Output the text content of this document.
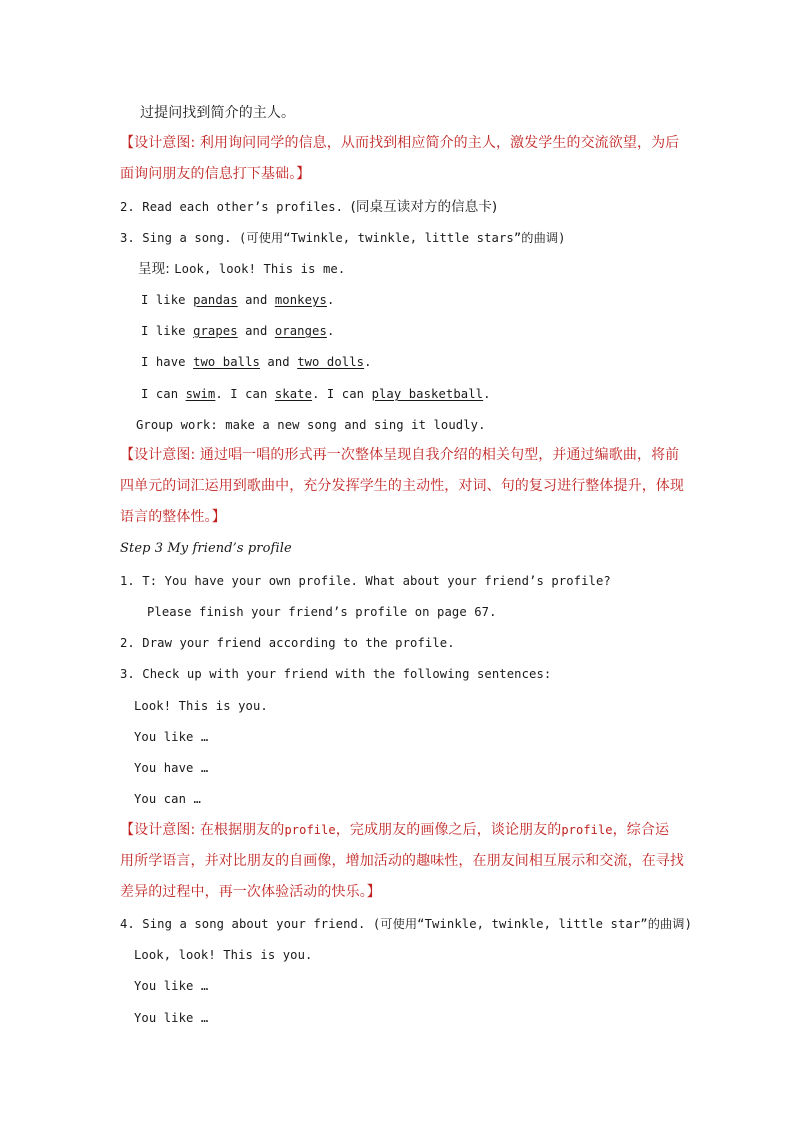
过提问找到简介的主人。
【设计意图: 利用询问同学的信息，从而找到相应简介的主人，激发学生的交流欲望，为后
面询问朋友的信息打下基础。】
2. Read each other’s profiles. (同桌互读对方的信息卡)
3. Sing a song. (可使用“Twinkle, twinkle, little stars”的曲调)
呈现: Look, look! This is me.
I like pandas and monkeys.
I like grapes and oranges.
I have two balls and two dolls.
I can swim. I can skate. I can play basketball.
Group work: make a new song and sing it loudly.
【设计意图: 通过唱一唱的形式再一次整体呈现自我介绍的相关句型，并通过编歌曲，将前
四单元的词汇运用到歌曲中，充分发挥学生的主动性，对词、句的复习进行整体提升，体现
语言的整体性。】
Step 3 My friend’s profile
1. T: You have your own profile. What about your friend’s profile?
Please finish your friend’s profile on page 67.
2. Draw your friend according to the profile.
3. Check up with your friend with the following sentences:
Look! This is you.
You like …
You have …
You can …
【设计意图: 在根据朋友的profile，完成朋友的画像之后，谈论朋友的profile，综合运
用所学语言，并对比朋友的自画像，增加活动的趣味性，在朋友间相互展示和交流，在寻找
差异的过程中，再一次体验活动的快乐。】
4. Sing a song about your friend. (可使用“Twinkle, twinkle, little star”的曲调)
Look, look! This is you.
You like …
You like …
